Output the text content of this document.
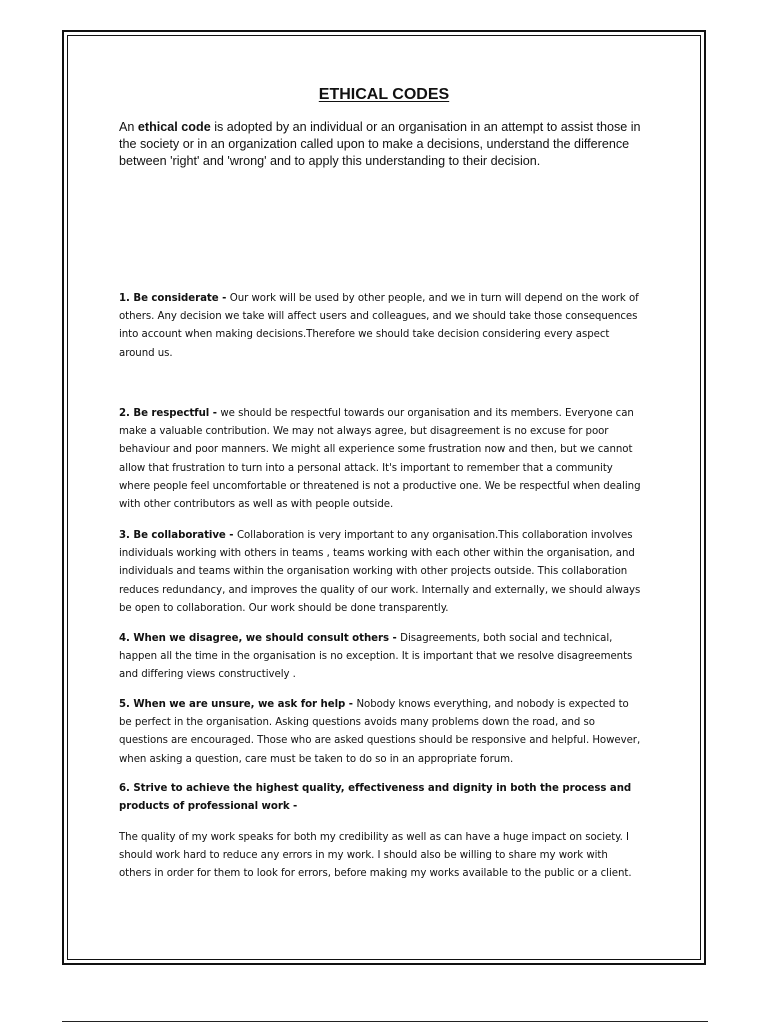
ETHICAL CODES

An ethical code is adopted by an individual or an organisation in an attempt to assist those in the society or in an organization called upon to make a decisions, understand the difference between 'right' and 'wrong' and to apply this understanding to their decision.

1. Be considerate - Our work will be used by other people, and we in turn will depend on the work of others. Any decision we take will affect users and colleagues, and we should take those consequences into account when making decisions.Therefore we should take decision considering every aspect around us.

2. Be respectful - we should be respectful towards our organisation and its members. Everyone can make a valuable contribution. We may not always agree, but disagreement is no excuse for poor behaviour and poor manners. We might all experience some frustration now and then, but we cannot allow that frustration to turn into a personal attack. It's important to remember that a community where people feel uncomfortable or threatened is not a productive one. We be respectful when dealing with other contributors as well as with people outside.

3. Be collaborative - Collaboration is very important to any organisation.This collaboration involves individuals working with others in teams , teams working with each other within the organisation, and individuals and teams within the organisation working with other projects outside. This collaboration reduces redundancy, and improves the quality of our work. Internally and externally, we should always be open to collaboration. Our work should be done transparently.

4. When we disagree, we should consult others - Disagreements, both social and technical, happen all the time in the organisation is no exception. It is important that we resolve disagreements and differing views constructively .

5. When we are unsure, we ask for help - Nobody knows everything, and nobody is expected to be perfect in the organisation. Asking questions avoids many problems down the road, and so questions are encouraged. Those who are asked questions should be responsive and helpful. However, when asking a question, care must be taken to do so in an appropriate forum.

6. Strive to achieve the highest quality, effectiveness and dignity in both the process and products of professional work -

The quality of my work speaks for both my credibility as well as can have a huge impact on society. I should work hard to reduce any errors in my work. I should also be willing to share my work with others in order for them to look for errors, before making my works available to the public or a client.
